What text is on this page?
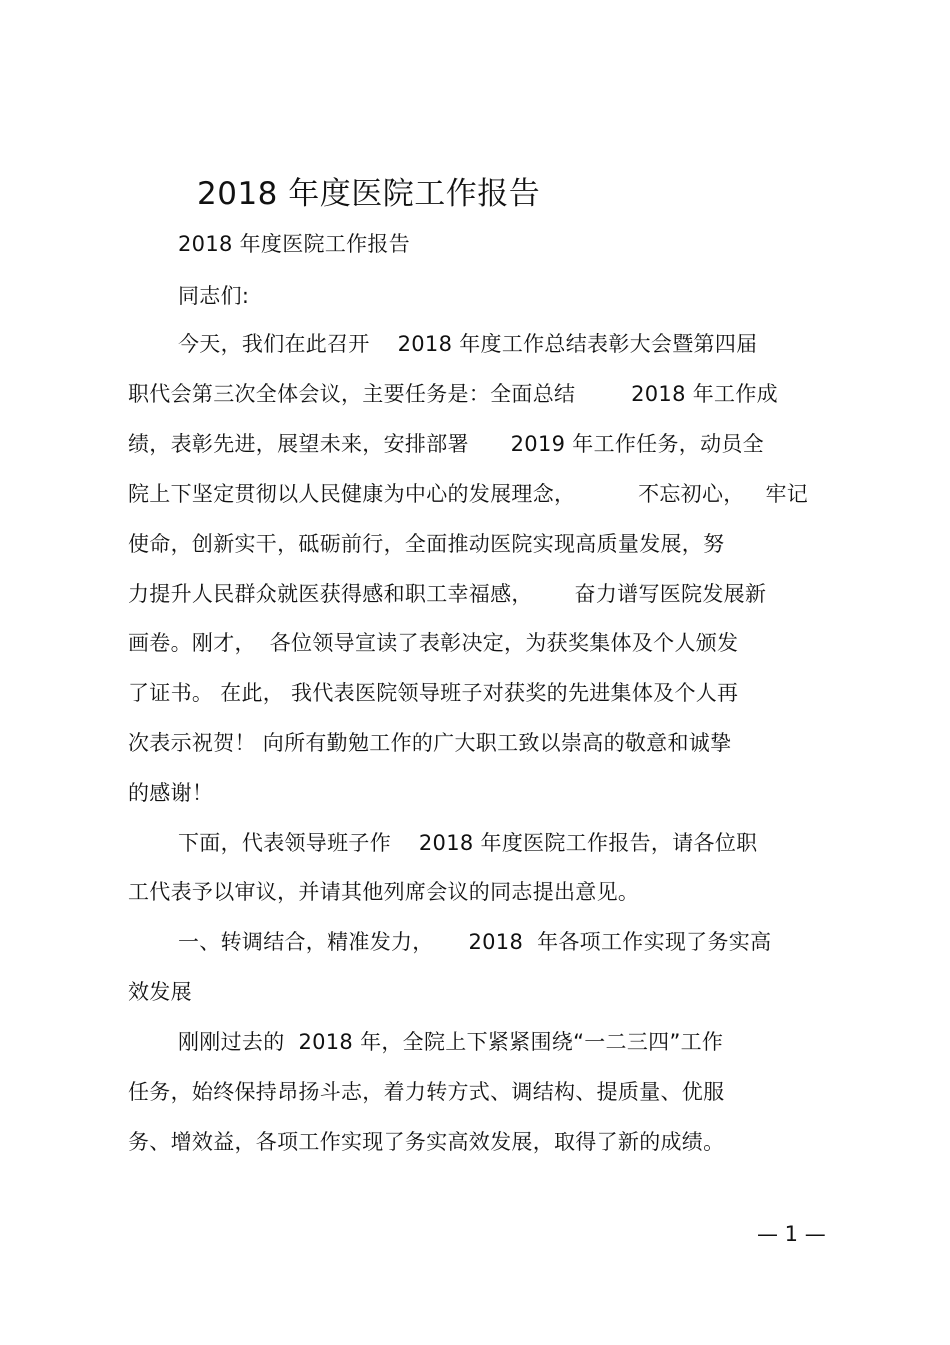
2018 年度医院工作报告
2018 年度医院工作报告
同志们:
今天，我们在此召开    2018 年度工作总结表彰大会暨第四届
职代会第三次全体会议，主要任务是：全面总结        2018 年工作成
绩，表彰先进，展望未来，安排部署      2019 年工作任务，动员全
院上下坚定贯彻以人民健康为中心的发展理念，         不忘初心，   牢记
使命，创新实干，砥砺前行，全面推动医院实现高质量发展，努
力提升人民群众就医获得感和职工幸福感，      奋力谱写医院发展新
画卷。刚才，  各位领导宣读了表彰决定，为获奖集体及个人颁发
了证书。 在此， 我代表医院领导班子对获奖的先进集体及个人再
次表示祝贺！ 向所有勤勉工作的广大职工致以崇高的敬意和诚挚
的感谢！
下面，代表领导班子作    2018 年度医院工作报告，请各位职
工代表予以审议，并请其他列席会议的同志提出意见。
一、转调结合，精准发力，     2018  年各项工作实现了务实高
效发展
刚刚过去的  2018 年，全院上下紧紧围绕“一二三四”工作
任务，始终保持昂扬斗志，着力转方式、调结构、提质量、优服
务、增效益，各项工作实现了务实高效发展，取得了新的成绩。
— 1 —
